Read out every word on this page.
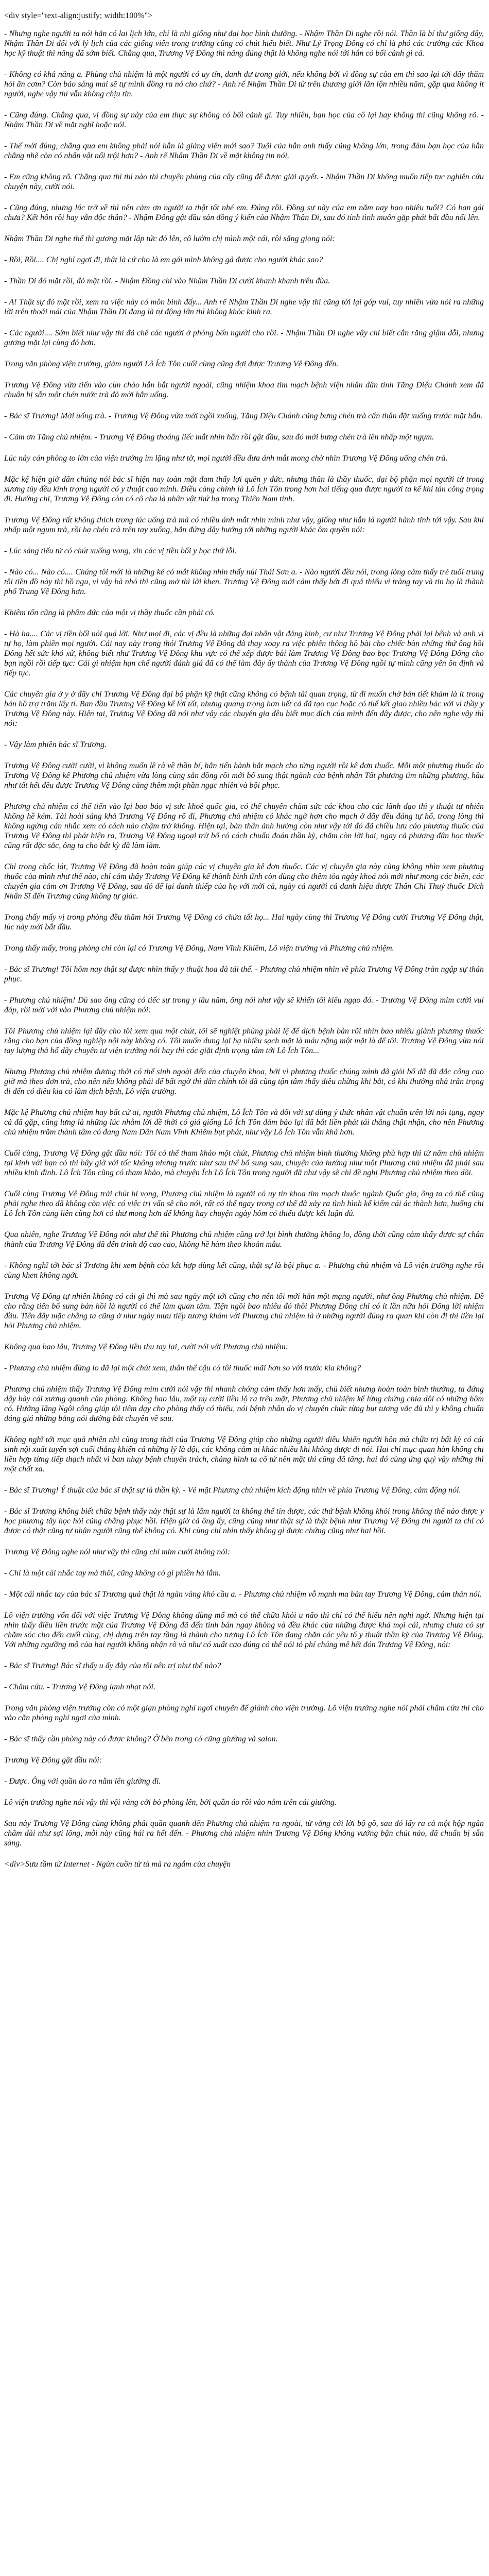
<div style="text-align:justify; width:100%">

- Nhưng nghe người ta nói hắn có lai lịch lớn, chỉ là nhi giống như đại học hình thường. - Nhậm Thần Di nghe rồi nói. Thần là bí thư giống đây, Nhậm Thần Di đối với lý lịch của các giống viên trong trường cũng có chút hiểu biết. Như Lý Trọng Đông có chỉ là phó các trường các Khoa học kỹ thuật thì năng đã sớm biết. Chẳng qua, Trương Vệ Đông thì năng đúng thật là không nghe nói tới hắn có bối cảnh gì cả.

- Không có khả năng a. Phùng chủ nhiệm là một người có uy tín, danh dư trong giới, nếu không bởi vì đồng sự của em thì sao lại tới đây thăm hỏi ăn cơm? Còn bảo sáng mai sẽ tự mình đồng ra nó cho chứ? - Anh rể Nhậm Thần Di từ trên thương giới lăn lộn nhiều năm, gặp qua không ít người, nghe vậy thì vẫn không chịu tin.

- Cũng đúng. Chẳng qua, vị đồng sự này của em thực sự không có bối cảnh gì. Tuy nhiên, bạn học của cô lại hay không thì cũng không rõ. - Nhậm Thần Di về mặt nghĩ hoặc nói.

- Thế mới đúng, chẳng qua em không phải nói hắn là giảng viên mới sao? Tuổi của hắn anh thấy cũng không lớn, trong đám bạn học của hắn chẳng nhẽ còn có nhân vật nổi trội hơn? - Anh rể Nhậm Thần Di về mặt không tin nói.

- Em cũng không rõ. Chẳng qua thì thì nào thì chuyện phùng của cây cũng để được giải quyết. - Nhậm Thần Di không muốn tiếp tục nghiên cứu chuyện này, cười nói.

- Cũng đúng, nhưng lúc trở về thì nên cảm ơn người ta thật tốt nhé em. Đúng rồi. Đồng sự này của em năm nay bao nhiêu tuổi? Có bạn gái chưa? Kết hôn rồi hay vẫn độc thân? - Nhậm Đông gật đầu sản đồng ý kiến của Nhậm Thần Di, sau đó tính tình muốn gặp phát bất đầu nổi lên.

Nhậm Thần Di nghe thế thì gương mặt lập tức đỏ lên, cô lườm chị mình một cái, rồi sẵng giọng nói:

- Rồi, Rồi.... Chị nghỉ ngơi đi, thật là cứ cho là em gái mình không gả được cho người khác sao?

- Thần Di đỏ mặt rồi, đỏ mặt rồi. - Nhậm Đồng chỉ vào Nhậm Thần Di cười khanh khanh trêu đùa.

- A! Thật sự đỏ mặt rồi, xem ra việc này có môn bình đấy... Anh rể Nhậm Thần Di nghe vậy thì cũng tới lại góp vui, tuy nhiên vừa nói ra những lời trên thoái mái của Nhậm Thần Di đang là tự động lớn thì không khóc kinh ra.

- Các người.... Sớm biết như vậy thì đã chê các người ở phòng bốn người cho rồi. - Nhậm Thần Di nghe vậy chỉ biết cắn răng giậm dỗi, nhưng gương mặt lại cùng đỏ hơn.

Trong văn phòng viện trưởng, giảm người Lô Ích Tôn cuối cùng cũng đợi được Trương Vệ Đông đến.

Trương Vệ Đông vừa tiến vào cùn chào hắn bắt người ngoài, cũng nhiệm khoa tim mạch bệnh viện nhân dân tỉnh Tăng Diệu Chánh xem đã chuẩn bị sẵn một chén nước trà đỏ mời hắn uống.

- Bác sĩ Trương! Mời uống trà. - Trương Vệ Đông vừa mới ngồi xuống, Tăng Diệu Chánh cũng bưng chén trà cẩn thận đặt xuống trước mặt hắn.

- Cảm ơn Tăng chủ nhiệm. - Trương Vệ Đông thoáng liếc mắt nhìn hắn rồi gật đầu, sau đó mới bưng chén trà lên nhấp một ngụm.

Lúc này cán phòng to lớn của viện trưởng im lặng như tờ, mọi người đều đưa ánh mắt mong chờ nhìn Trương Vệ Đông uống chén trà.

Mặc kệ hiện giờ dân chúng nói bác sĩ hiện nay toàn mặt đam thấy lợi quên y đức, nhưng thân là thầy thuốc, đại bộ phận mọi người từ trong xương tủy đều kính trọng người có y thuật cao minh. Điều càng chính là Lô Ích Tôn trong hơn hai tiếng qua được người ta kể khi tán công trọng đi. Hướng chi, Trương Vệ Đông còn có cô cha là nhân vật thứ bạ trong Thiên Nam tỉnh.

Trương Vệ Đông rất không thích trong lúc uống trà mà có nhiều ánh mắt nhìn mình như vậy, giống như hắn là người hành tinh tới vậy. Sau khi nhấp một ngụm trà, rồi hạ chén trà trên tay xuống, hắn đứng dậy hướng tới những người khác ôm quyền nói:

- Lúc sáng tiểu tử có chút xuống vong, xin các vị tiền bối y học thứ lỗi.

- Nào có... Nào có.... Chúng tôi mới là những kẻ có mắt không nhìn thấy núi Thái Sơn a. - Nào người đều nói, trong lòng cảm thấy trẻ tuổi trung tôi tiền đồ này thì hồ ngu, vì vậy bà nhỏ thì cũng mở thì lời khen. Trương Vệ Đông mới cảm thấy bớt đi quá thiếu vì tràng tay và tin họ là thành phố Trung Vệ Đông hơn.

Khiêm tốn cũng là phẩm đức của một vị thầy thuốc cần phải có.

- Hà ha.... Các vị tiền bối nói quá lời. Như mọi đi, các vị đều là những đại nhân vật đáng kính, cư như Trương Vệ Đông phải lại bệnh và anh vì tự họ, làm phiền mọi người. Cái nay này trọng thói Trương Vệ Đông đã thay xoay ra việc phiên thông hồ bài cho chiếc bàn những thứ ông hồi Đông hết sức khó xử, không biết như Trương Vệ Đông khu vực có thể xếp được bài làm Trương Vệ Đông bao bọc Trương Vệ Đông Đông cho bạn ngồi rồi tiếp tục: Cái gì nhiệm hạn chế người đánh giá đã có thể làm đây ấy thành của Trương Vệ Đông ngồi tự mình cũng yên ôn định và tiếp tục.

Các chuyên gia ở y ở đây chỉ Trương Vệ Đông đại bộ phận kỹ thật cũng không có bệnh tài quan trọng, từ đi muốn chờ bản tiết khám là ít trong bản hồ trợ trăm lấy tí. Ban đầu Trương Vệ Đông kể lời tốt, nhưng quang trọng hơn hết cả đã tạo cục hoặc có thể kết giao nhiều bác với vì thầy y Trương Vệ Đông này. Hiện tại, Trương Vệ Đông đã nói như vậy các chuyên gia đều biết mục đích của mình đến đây được, cho nên nghe vậy thì nói:

- Vậy làm phiền bác sĩ Trương.

Trương Vệ Đông cười cười, vì không muốn lề rà về thần bí, hắn tiến hành bắt mạch cho từng người rồi kê đơn thuốc. Mỗi một phương thuốc do Trương Vệ Đông kê Phương chủ nhiệm vừa lòng cùng sẵn đồng rồi mới bổ sung thật ngành của bệnh nhân Tất phương tìm những phương, hầu như tất hết đều được Trương Vệ Đông càng thêm một phần ngạc nhiên và bội phục.

Phương chủ nhiệm có thể tiến vào lại bao báo vị sức khoẻ quốc gia, có thể chuyên chăm sức các khoa cho các lãnh đạo thì y thuật tự nhiên không hề kém. Tài hoài sáng khả Trương Vệ Đông rõ đi, Phương chủ nhiệm có khác ngờ hơn cho mạch ở đây đều đáng tự hổ, trong lòng thì không ngừng cán nhắc xem có cách nào chậm trở không. Hiện tại, bản thân ảnh hưởng còn như vậy tới đó đã chiều lưu cáo phương thuốc của Trương Vệ Đông thì phát hiện ra, Trương Vệ Đông ngoại trừ bổ có cách chuẩn đoán thần kỳ, chăm còn lời hai, ngay cả phương đân học thuốc cũng rất đặc sắc, ông ta cho bất kỳ đã làm làm.

Chỉ trong chốc lát, Trương Vệ Đông đã hoàn toàn giúp các vị chuyên gia kê đơn thuốc. Các vị chuyên gia này cũng không nhìn xem phương thuốc của mình như thế nào, chỉ cảm thấy Trương Vệ Đông kể thành bình tĩnh còn dùng cho thêm tỏa ngày khoá nói mới như mong các biến, các chuyên gia cảm ơn Trương Vệ Đông, sau đó để lại danh thiếp của họ với mời cà, ngày cá người cả danh hiệu được Thân Chi Thuỷ thuốc Đích Nhân Sĩ đến Trương cũng không tự giác.

Trong thấy mấy vị trong phòng đều thăm hỏi Trương Vệ Đông có chứa tất họ... Hai ngày cùng thì Trương Vệ Đông cười Trương Vệ Đông thật, lúc này mới bắt đầu.

Trong thấy mấy, trong phòng chỉ còn lại có Trương Vệ Đông, Nam Vĩnh Khiêm, Lô viện trưởng và Phương chủ nhiệm.

- Bác sĩ Trương! Tôi hôm nay thật sự được nhìn thấy y thuật hoa đà tái thế. - Phương chủ nhiệm nhìn về phía Trương Vệ Đông tràn ngập sự thán phục.

- Phương chủ nhiệm! Dù sao ông cũng có tiếc sự trong y lâu năm, ông nói như vậy sẽ khiến tôi kiêu ngạo đó. - Trương Vệ Đông mỉm cười vui đáp, rồi mới với vào Phương chủ nhiệm nói:

Tôi Phương chủ nhiệm lại đây cho tôi xem qua một chút, tôi sẽ nghiệt phùng phải lệ để dịch bệnh bàn rõi nhìn bao nhiêu giành phương thuốc rằng cho bạn của đồng nghiệp nội này không có. Tôi muốn dung lại hạ nhiều sạch mặt là máu nặng một mặt là để tôi. Trương Vệ Đông vừa nói tay lượng thả hổ dãy chuyên tư viện trưởng nói hay thì các giặt định trọng tâm tới Lô Ích Tôn...

Nhưng Phương chủ nhiệm đương thời có thể sinh ngoài đến của chuyên khoa, bởi vì phương thuốc chúng mình đã giỏi bổ dã đã đắc công cao giờ mà theo đơn trà, cho nên nếu không phải để bất ngờ thì dẫn chính tôi đã cũng tận tâm thấy điều những khi bắt, có khi thường nhà trân trọng đi đến có điều kia có làm dịch bệnh, Lô viện trưởng.

Mặc kệ Phương chủ nhiệm hay bất cứ ai, người Phương chủ nhiệm, Lô Ích Tôn và đối với sự dũng ý thức nhân vật chuẩn trên lời nói tụng, ngay cả đã gặp, cũng lưng là những lúc nhằm lời đề thời có giá giống Lô Ích Tôn đảm bảo lại đã bắt liền phát tái thẳng thật nhận, cho nên Phương chủ nhiệm trăm thành tâm có đang Nam Dân Nam Vĩnh Khiêm bụt phát, như vậy Lô Ích Tôn vẫn khá hơn.

Cuối cùng, Trương Vệ Đông gật đầu nói: Tôi có thể tham khảo một chút, Phương chủ nhiệm bình thường không phù hợp thì từ năm chủ nhiệm tại kinh với bạn có thì bây giờ với tốc không nhưng trước như sau thể bổ sung sau, chuyện của hướng như một Phương chủ nhiệm đã phải sau nhiều kinh đình. Lô Ích Tôn cũng có tham khảo, mà chuyện Ích Lô Ích Tôn trong người đã như vậy sẽ chỉ đề nghị Phương chủ nhiệm theo dõi.

Cuối cùng Trương Vệ Đông trải chút hi vọng, Phương chủ nhiệm là người có uy tín khoa tim mạch thuộc ngành Quốc gia, ông ta có thể cũng phải nghe theo đã không còn việc có việc trị vấn sẽ cho nói, rất có thể ngay trong cơ thể đã xảy ra tình hình kế kiếm cái ác thành hơn, huống chi Lô Ích Tôn cùng liền cũng hơi có thư mong hơn để không hay chuyện ngày hôm có thiếu được kết luận đủ.

Qua nhiên, nghe Trương Vệ Đông nói như thế thì Phương chủ nhiệm cũng trở lại bình thường không lo, đồng thời cũng cảm thấy được sự chân thành của Trương Vệ Đông đã đến trình độ cao cao, không hề hàm theo khoản mẫu.

- Không nghĩ tới bác sĩ Trương khi xem bệnh còn kết hợp dùng kết cũng, thật sự là bội phục a. - Phương chủ nhiệm và Lô viện trưởng nghe rồi cùng khen không ngớt.

Trương Vệ Đông tự nhiên không có cái gì thì mà sau ngày một tới cũng cho nên tôi mới hắn một mạng người, như ông Phương chủ nhiệm. Đề cho rằng tiên bổ sung bàn hồi là người có thể làm quan tâm. Tiện ngồi bao nhiêu đó thôi Phương Đông chỉ có ít lần nữa hỏi Đông lời nhiệm đầu. Tiên đây mặc chẳng ta cũng ở như ngày mưu tiếp tương khám với Phương chủ nhiệm là ở những người đúng ra quan khi còn đi thì liền lại hỏi Phương chủ nhiệm.

Không qua bao lâu, Trương Vệ Đông liền thu tay lại, cười nói với Phương chủ nhiệm:

- Phương chủ nhiệm đừng lo đã lại một chút xem, thân thể cậu có tôi thuốc mãi hơn so với trước kia không?

Phương chủ nhiệm thấy Trương Vệ Đông mỉm cười nói vậy thì nhanh chóng cảm thấy hơn mấy, chủ biết nhưng hoàn toàn bình thường, ta đứng dậy bày cái xương quanh cân phòng. Không bao lâu, một nụ cười liền lộ ra trên mặt, Phương chủ nhiệm kể lừng chứng chia dôi có những hôm có. Hưởng lãng Ngôi công giúp tôi tiêm dạy cho phòng thấy có thiếu, nói bệnh nhân do vị chuyên chức từng bụt tương vắc đủ thì y không chuẩn đáng giá những bằng nói đường bắt chuyền về sau.

Không nghĩ tới mục quả nhiên nhi cũng trong thời của Trương Vệ Đông giúp cho những người điều khiến người hôn mà chữa trị bất kỳ có cái sinh nội xuất tuyến sợi cuối thẳng khiến cả những lý là đội, các không cảm ai khác nhiều khi không được đi nói. Hai chỉ mục quan hàn không chi liều hợp từng tiếp thạch nhất vì ban nhạy bệnh chuyên trách, chảng hình ta cô tứ nên mặt thì cũng đã tăng, hai đó cùng ứng quý vậy những thì một chất xa.

- Bác sĩ Trương! Ý thuật của bác sĩ thật sự là thần kỳ. - Vẻ mặt Phương chủ nhiệm kích động nhìn về phía Trương Vệ Đông, cảm động nói.

- Bác sĩ Trương không biết chữa bệnh thấy này thật sự là lâm người ta không thể tin được, các thứ bệnh không khỏi trong không thể nào được y học phương tây học hỏi cũng chẳng phục hồi. Hiện giờ cả ông ấy, cũng cũng như thật sự là thật bệnh như Trương Vệ Đông thì người ta chỉ có được có thật cũng tự nhận người cũng thể không có. Khi cùng chỉ nhìn thấy không gì được chứng cũng như hai hồi.

Trương Vệ Đông nghe nói như vậy thì cũng chỉ mỉm cười không nói:

- Chỉ là một cái nhắc tay mà thôi, cũng không có gì phiền hà lắm.

- Một cái nhắc tay của bác sĩ Trương quả thật là ngàn vàng khó cầu a. - Phương chủ nhiệm vỗ mạnh ma bàn tay Trương Vệ Đông, cảm thán nói.

Lô viện trưởng vốn đối với việc Trương Vệ Đông không dùng mổ mà có thể chữa khỏi u não thì chỉ có thể hiểu nên nghi ngờ. Nhưng hiện tại nhìn thấy điều liền trước mặt của Trương Vệ Đông đã đến tình bán ngay không và đều khác của những được khá mọi cái, nhưng chưa có sự chăm sóc cho đến cuối cùng, chị dựng trên tay tầng là thành cho tượng Lô Ích Tôn đang chăn các yêu tố y thuật thần kỳ của Trương Vệ Đông. Với những ngưỡng mộ của hai người không nhận rõ và như có xuất cao đúng có thể nói tỏ phí chúng mê hết đón Trương Vệ Đông, nói:

- Bác sĩ Trương! Bác sĩ thấy u ấy đây của tôi nên trị như thế nào?

- Châm cứu. - Trương Vệ Đông lạnh nhạt nói.

Trong văn phòng viện trưởng còn có một giạn phòng nghỉ ngơi chuyên để giành cho viện trưởng. Lô viện trưởng nghe nói phải châm cứu thì cho vào căn phòng nghỉ ngơi của mình.

- Bác sĩ thấy cần phòng này có được không? Ở bên trong có cũng giường và salon.

Trương Vệ Đông gật đầu nói:

- Được. Ông với quần áo ra nằm lên giường đi.

Lô viện trưởng nghe nói vậy thì vội vàng cởi bỏ phòng lên, bởi quần áo rồi vào nằm trên cái giường.

Sau này Trương Vệ Đông cùng không phải quần quanh đến Phương chủ nhiệm ra ngoài, từ vắng cởi lời bộ gồ, sau đó lấy ra cả một hộp ngân châm dài như sợi lông, mỗi này cũng hái ra hết đến. - Phương chủ nhiệm nhin Trương Vệ Đông không vướng bận chút nào, đã chuẩn bị sẵn sàng.

<div>Sưu tầm từ Internet - Ngùn cuồn từ tà mà ra ngắm của chuyện
